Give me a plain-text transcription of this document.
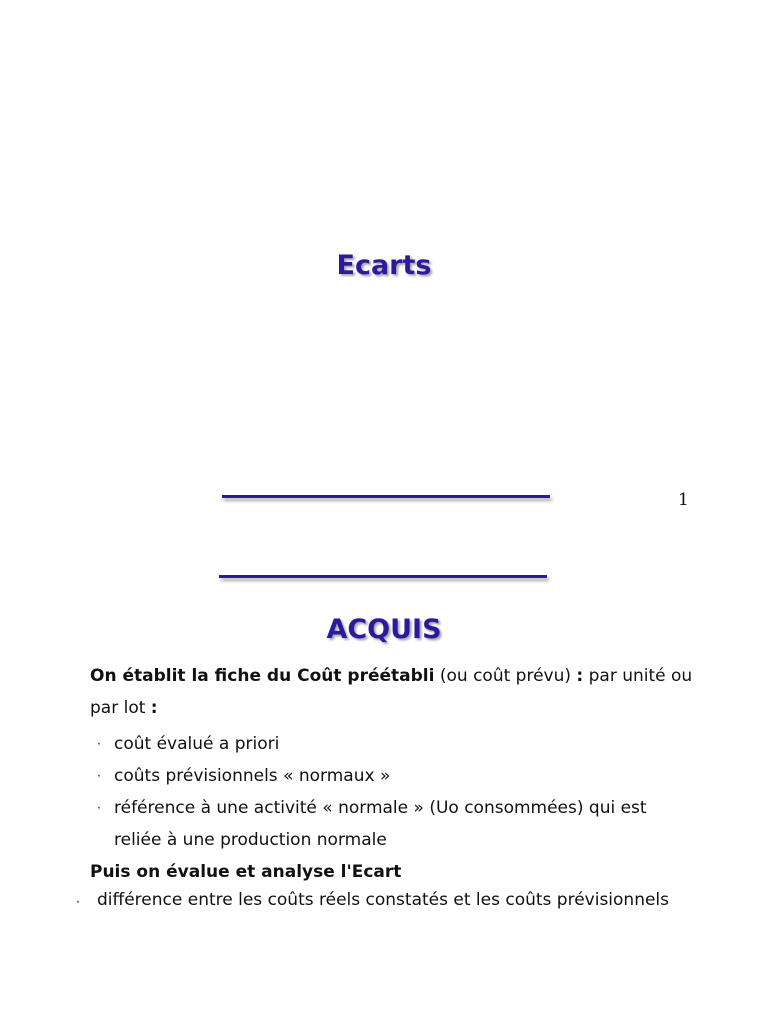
Ecarts
1
ACQUIS
On établit la fiche du Coût préétabli (ou coût prévu) : par unité ou par lot :
· coût évalué a priori
· coûts prévisionnels « normaux »
· référence à une activité « normale » (Uo consommées) qui est reliée à une production normale
Puis on évalue et analyse l'Ecart
·	différence entre les coûts réels constatés et les coûts prévisionnels
